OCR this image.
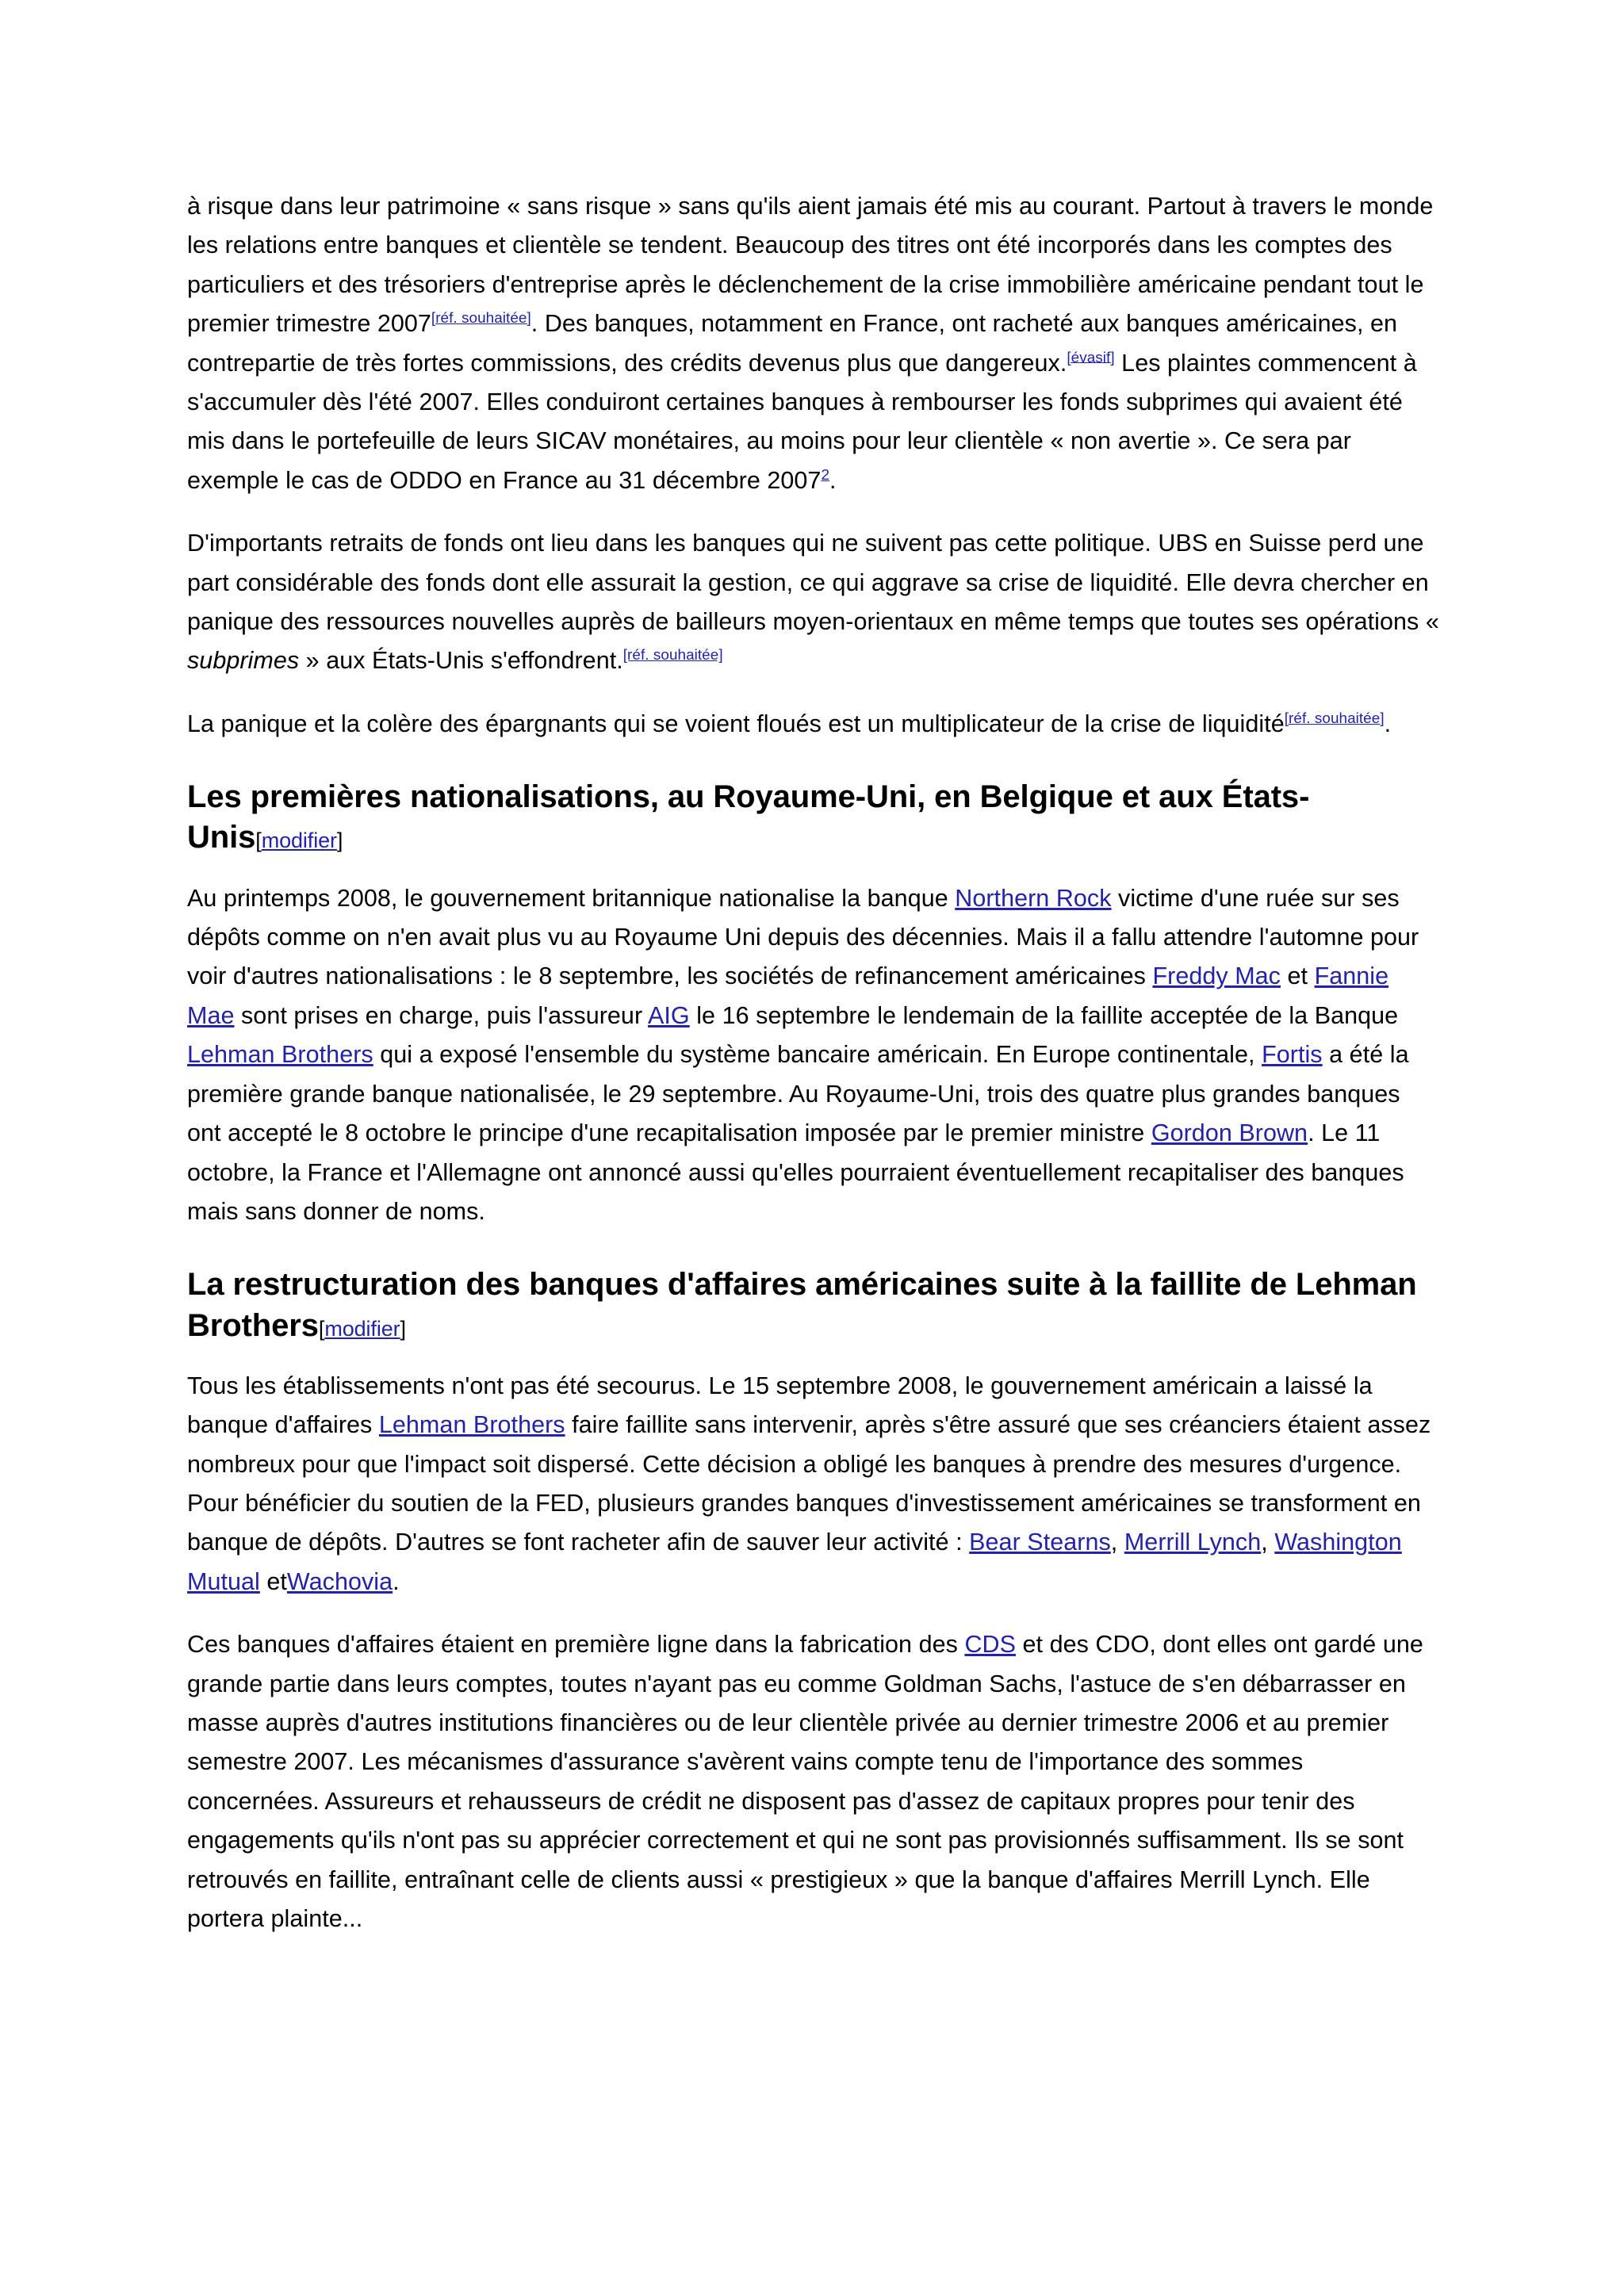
à risque dans leur patrimoine « sans risque » sans qu'ils aient jamais été mis au courant. Partout à travers le monde les relations entre banques et clientèle se tendent. Beaucoup des titres ont été incorporés dans les comptes des particuliers et des trésoriers d'entreprise après le déclenchement de la crise immobilière américaine pendant tout le premier trimestre 2007[réf. souhaitée]. Des banques, notamment en France, ont racheté aux banques américaines, en contrepartie de très fortes commissions, des crédits devenus plus que dangereux.[évasif] Les plaintes commencent à s'accumuler dès l'été 2007. Elles conduiront certaines banques à rembourser les fonds subprimes qui avaient été mis dans le portefeuille de leurs SICAV monétaires, au moins pour leur clientèle « non avertie ». Ce sera par exemple le cas de ODDO en France au 31 décembre 2007$^2$.

D'importants retraits de fonds ont lieu dans les banques qui ne suivent pas cette politique. UBS en Suisse perd une part considérable des fonds dont elle assurait la gestion, ce qui aggrave sa crise de liquidité. Elle devra chercher en panique des ressources nouvelles auprès de bailleurs moyen-orientaux en même temps que toutes ses opérations « subprimes » aux États-Unis s'effondrent.[réf. souhaitée]

La panique et la colère des épargnants qui se voient floués est un multiplicateur de la crise de liquidité[réf. souhaitée].

Les premières nationalisations, au Royaume-Uni, en Belgique et aux États-Unis[modifier]

Au printemps 2008, le gouvernement britannique nationalise la banque Northern Rock victime d'une ruée sur ses dépôts comme on n'en avait plus vu au Royaume Uni depuis des décennies. Mais il a fallu attendre l'automne pour voir d'autres nationalisations : le 8 septembre, les sociétés de refinancement américaines Freddy Mac et Fannie Mae sont prises en charge, puis l'assureur AIG le 16 septembre le lendemain de la faillite acceptée de la Banque Lehman Brothers qui a exposé l'ensemble du système bancaire américain. En Europe continentale, Fortis a été la première grande banque nationalisée, le 29 septembre. Au Royaume-Uni, trois des quatre plus grandes banques ont accepté le 8 octobre le principe d'une recapitalisation imposée par le premier ministre Gordon Brown. Le 11 octobre, la France et l'Allemagne ont annoncé aussi qu'elles pourraient éventuellement recapitaliser des banques mais sans donner de noms.

La restructuration des banques d'affaires américaines suite à la faillite de Lehman Brothers[modifier]

Tous les établissements n'ont pas été secourus. Le 15 septembre 2008, le gouvernement américain a laissé la banque d'affaires Lehman Brothers faire faillite sans intervenir, après s'être assuré que ses créanciers étaient assez nombreux pour que l'impact soit dispersé. Cette décision a obligé les banques à prendre des mesures d'urgence. Pour bénéficier du soutien de la FED, plusieurs grandes banques d'investissement américaines se transforment en banque de dépôts. D'autres se font racheter afin de sauver leur activité : Bear Stearns, Merrill Lynch, Washington Mutual etWachovia.

Ces banques d'affaires étaient en première ligne dans la fabrication des CDS et des CDO, dont elles ont gardé une grande partie dans leurs comptes, toutes n'ayant pas eu comme Goldman Sachs, l'astuce de s'en débarrasser en masse auprès d'autres institutions financières ou de leur clientèle privée au dernier trimestre 2006 et au premier semestre 2007. Les mécanismes d'assurance s'avèrent vains compte tenu de l'importance des sommes concernées. Assureurs et rehausseurs de crédit ne disposent pas d'assez de capitaux propres pour tenir des engagements qu'ils n'ont pas su apprécier correctement et qui ne sont pas provisionnés suffisamment. Ils se sont retrouvés en faillite, entraînant celle de clients aussi « prestigieux » que la banque d'affaires Merrill Lynch. Elle portera plainte...
